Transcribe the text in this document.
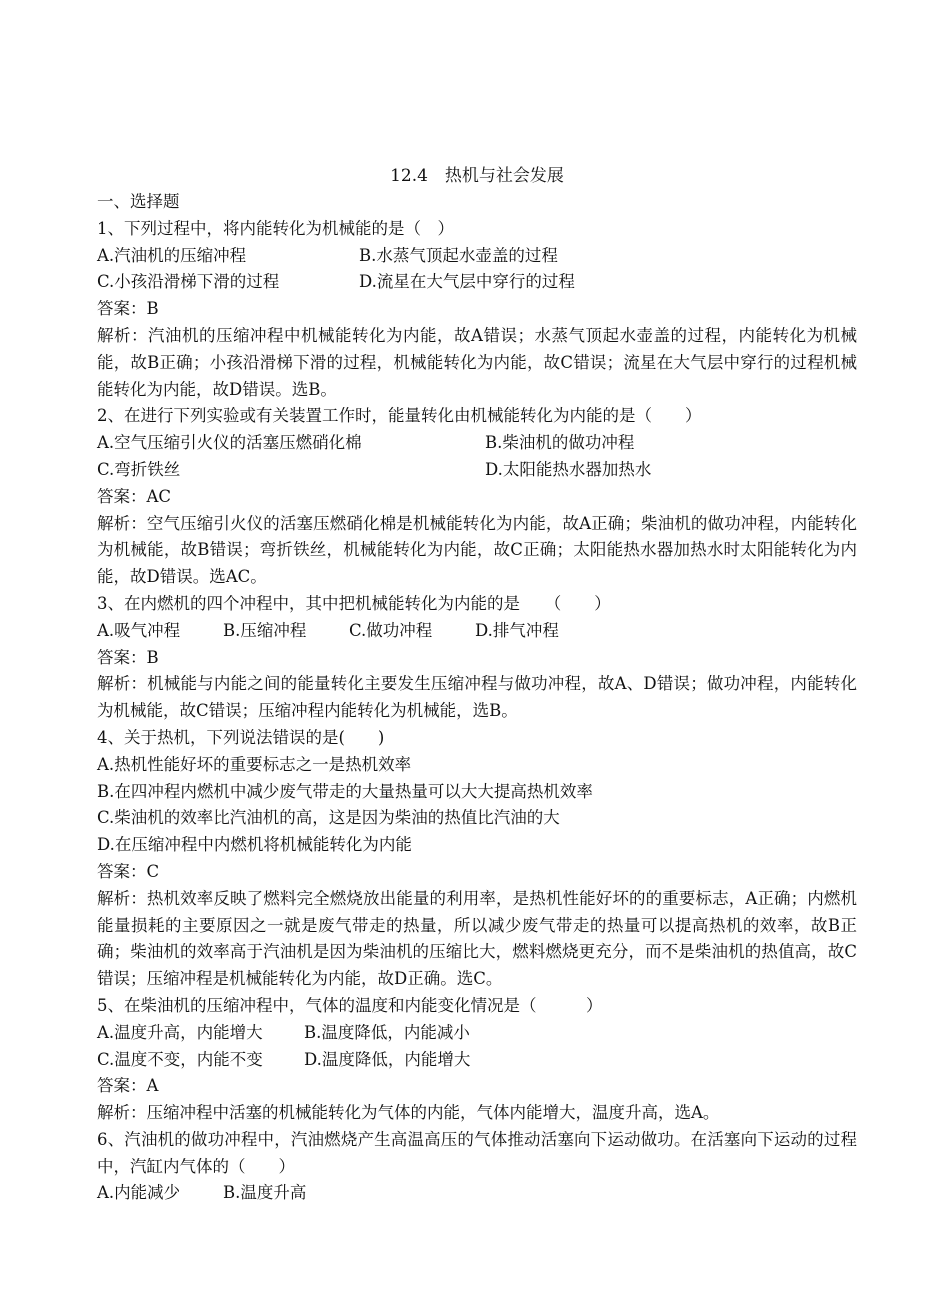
12.4　热机与社会发展

一、选择题

1、下列过程中，将内能转化为机械能的是（　）

A.汽油机的压缩冲程	B.水蒸气顶起水壶盖的过程
C.小孩沿滑梯下滑的过程	D.流星在大气层中穿行的过程

答案：B

解析：汽油机的压缩冲程中机械能转化为内能，故A错误；水蒸气顶起水壶盖的过程，内能转化为机械能，故B正确；小孩沿滑梯下滑的过程，机械能转化为内能，故C错误；流星在大气层中穿行的过程机械能转化为内能，故D错误。选B。

2、在进行下列实验或有关装置工作时，能量转化由机械能转化为内能的是（　　）

A.空气压缩引火仪的活塞压燃硝化棉	B.柴油机的做功冲程
C.弯折铁丝	D.太阳能热水器加热水

答案：AC

解析：空气压缩引火仪的活塞压燃硝化棉是机械能转化为内能，故A正确；柴油机的做功冲程，内能转化为机械能，故B错误；弯折铁丝，机械能转化为内能，故C正确；太阳能热水器加热水时太阳能转化为内能，故D错误。选AC。

3、在内燃机的四个冲程中，其中把机械能转化为内能的是　　（　　）

A.吸气冲程	B.压缩冲程	C.做功冲程	D.排气冲程

答案：B

解析：机械能与内能之间的能量转化主要发生压缩冲程与做功冲程，故A、D错误；做功冲程，内能转化为机械能，故C错误；压缩冲程内能转化为机械能，选B。

4、关于热机，下列说法错误的是(　　)

A.热机性能好坏的重要标志之一是热机效率

B.在四冲程内燃机中减少废气带走的大量热量可以大大提高热机效率

C.柴油机的效率比汽油机的高，这是因为柴油的热值比汽油的大

D.在压缩冲程中内燃机将机械能转化为内能

答案：C

解析：热机效率反映了燃料完全燃烧放出能量的利用率，是热机性能好坏的的重要标志，A正确；内燃机能量损耗的主要原因之一就是废气带走的热量，所以减少废气带走的热量可以提高热机的效率，故B正确；柴油机的效率高于汽油机是因为柴油机的压缩比大，燃料燃烧更充分，而不是柴油机的热值高，故C错误；压缩冲程是机械能转化为内能，故D正确。选C。

5、在柴油机的压缩冲程中，气体的温度和内能变化情况是（　　　）

A.温度升高，内能增大	B.温度降低，内能减小
C.温度不变，内能不变	D.温度降低，内能增大

答案：A

解析：压缩冲程中活塞的机械能转化为气体的内能，气体内能增大，温度升高，选A。

6、汽油机的做功冲程中，汽油燃烧产生高温高压的气体推动活塞向下运动做功。在活塞向下运动的过程中，汽缸内气体的（　　）

A.内能减少	B.温度升高
